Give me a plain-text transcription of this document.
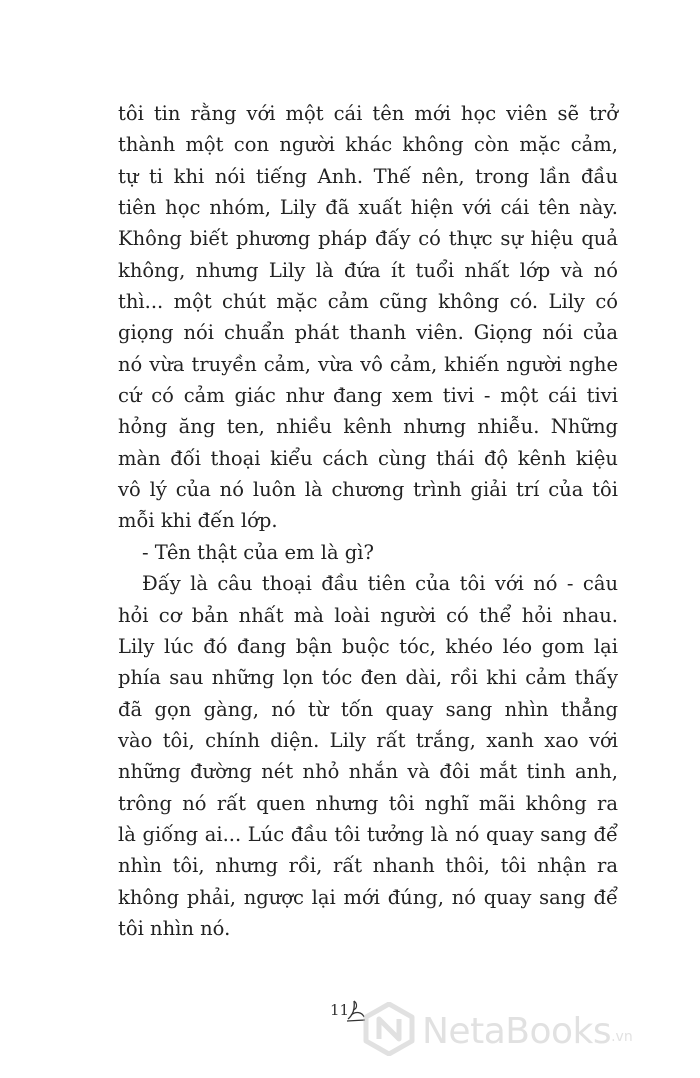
tôi tin rằng với một cái tên mới học viên sẽ trở
thành một con người khác không còn mặc cảm,
tự ti khi nói tiếng Anh. Thế nên, trong lần đầu
tiên học nhóm, Lily đã xuất hiện với cái tên này.
Không biết phương pháp đấy có thực sự hiệu quả
không, nhưng Lily là đứa ít tuổi nhất lớp và nó
thì... một chút mặc cảm cũng không có. Lily có
giọng nói chuẩn phát thanh viên. Giọng nói của
nó vừa truyền cảm, vừa vô cảm, khiến người nghe
cứ có cảm giác như đang xem tivi - một cái tivi
hỏng ăng ten, nhiều kênh nhưng nhiễu. Những
màn đối thoại kiểu cách cùng thái độ kênh kiệu
vô lý của nó luôn là chương trình giải trí của tôi
mỗi khi đến lớp.
- Tên thật của em là gì?
Đấy là câu thoại đầu tiên của tôi với nó - câu
hỏi cơ bản nhất mà loài người có thể hỏi nhau.
Lily lúc đó đang bận buộc tóc, khéo léo gom lại
phía sau những lọn tóc đen dài, rồi khi cảm thấy
đã gọn gàng, nó từ tốn quay sang nhìn thẳng
vào tôi, chính diện. Lily rất trắng, xanh xao với
những đường nét nhỏ nhắn và đôi mắt tinh anh,
trông nó rất quen nhưng tôi nghĩ mãi không ra
là giống ai... Lúc đầu tôi tưởng là nó quay sang để
nhìn tôi, nhưng rồi, rất nhanh thôi, tôi nhận ra
không phải, ngược lại mới đúng, nó quay sang để
tôi nhìn nó.
11
NetaBooks .vn
